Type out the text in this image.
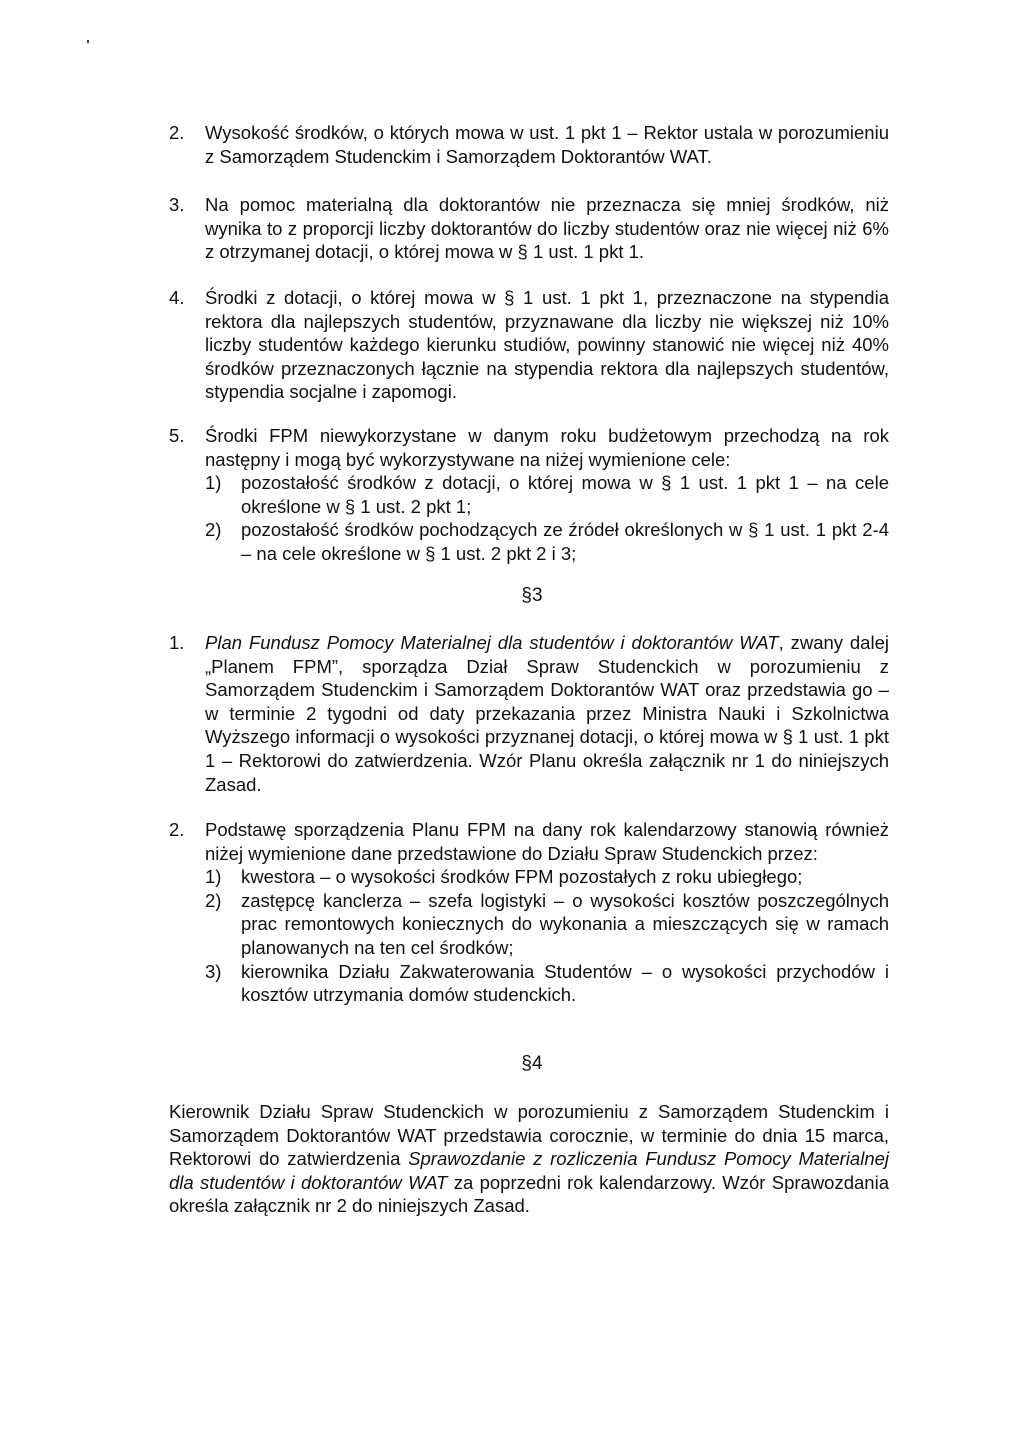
2. Wysokość środków, o których mowa w ust. 1 pkt 1 – Rektor ustala w porozumieniu z Samorządem Studenckim i Samorządem Doktorantów WAT.
3. Na pomoc materialną dla doktorantów nie przeznacza się mniej środków, niż wynika to z proporcji liczby doktorantów do liczby studentów oraz nie więcej niż 6% z otrzymanej dotacji, o której mowa w § 1 ust. 1 pkt 1.
4. Środki z dotacji, o której mowa w § 1 ust. 1 pkt 1, przeznaczone na stypendia rektora dla najlepszych studentów, przyznawane dla liczby nie większej niż 10% liczby studentów każdego kierunku studiów, powinny stanowić nie więcej niż 40% środków przeznaczonych łącznie na stypendia rektora dla najlepszych studentów, stypendia socjalne i zapomogi.
5. Środki FPM niewykorzystane w danym roku budżetowym przechodzą na rok następny i mogą być wykorzystywane na niżej wymienione cele:
1) pozostałość środków z dotacji, o której mowa w § 1 ust. 1 pkt 1 – na cele określone w § 1 ust. 2 pkt 1;
2) pozostałość środków pochodzących ze źródeł określonych w § 1 ust. 1 pkt 2-4 – na cele określone w § 1 ust. 2 pkt 2 i 3;
§3
1. Plan Fundusz Pomocy Materialnej dla studentów i doktorantów WAT, zwany dalej „Planem FPM”, sporządza Dział Spraw Studenckich w porozumieniu z Samorządem Studenckim i Samorządem Doktorantów WAT oraz przedstawia go – w terminie 2 tygodni od daty przekazania przez Ministra Nauki i Szkolnictwa Wyższego informacji o wysokości przyznanej dotacji, o której mowa w § 1 ust. 1 pkt 1 – Rektorowi do zatwierdzenia. Wzór Planu określa załącznik nr 1 do niniejszych Zasad.
2. Podstawę sporządzenia Planu FPM na dany rok kalendarzowy stanowią również niżej wymienione dane przedstawione do Działu Spraw Studenckich przez:
1) kwestora – o wysokości środków FPM pozostałych z roku ubiegłego;
2) zastępcę kanclerza – szefa logistyki – o wysokości kosztów poszczególnych prac remontowych koniecznych do wykonania a mieszczących się w ramach planowanych na ten cel środków;
3) kierownika Działu Zakwaterowania Studentów – o wysokości przychodów i kosztów utrzymania domów studenckich.
§4
Kierownik Działu Spraw Studenckich w porozumieniu z Samorządem Studenckim i Samorządem Doktorantów WAT przedstawia corocznie, w terminie do dnia 15 marca, Rektorowi do zatwierdzenia Sprawozdanie z rozliczenia Fundusz Pomocy Materialnej dla studentów i doktorantów WAT za poprzedni rok kalendarzowy. Wzór Sprawozdania określa załącznik nr 2 do niniejszych Zasad.
